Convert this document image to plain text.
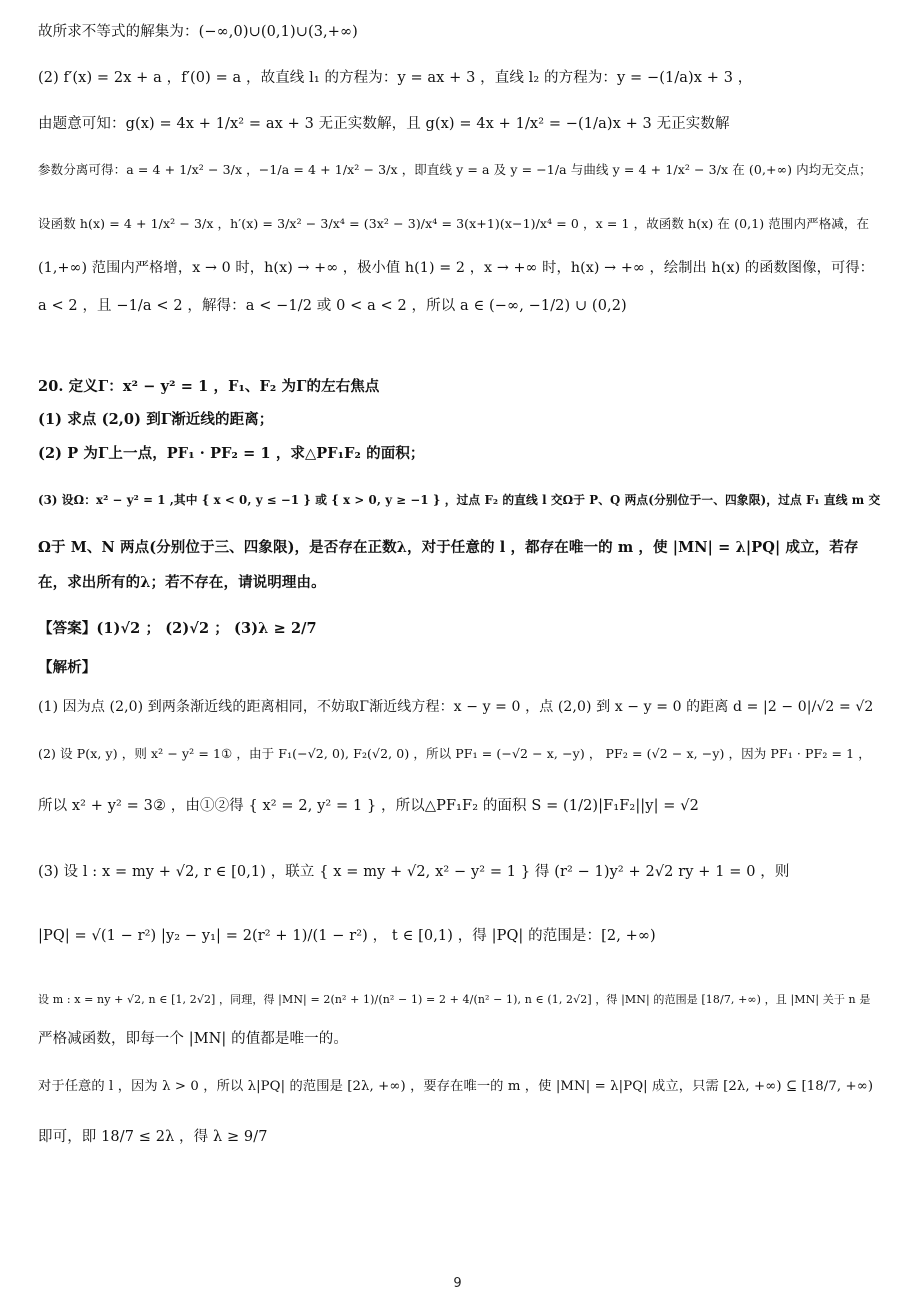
故所求不等式的解集为：(−∞,0)∪(0,1)∪(3,+∞)
(2) f′(x) = 2x + a ，f′(0) = a ，故直线 l₁ 的方程为：y = ax + 3 ，直线 l₂ 的方程为：y = −(1/a)x + 3 ，
由题意可知：g(x) = 4x + 1/x² = ax + 3 无正实数解，且 g(x) = 4x + 1/x² = −(1/a)x + 3 无正实数解
参数分离可得：a = 4 + 1/x² − 3/x ，−1/a = 4 + 1/x² − 3/x ，即直线 y = a 及 y = −1/a 与曲线 y = 4 + 1/x² − 3/x 在 (0,+∞) 内均无交点；
设函数 h(x) = 4 + 1/x² − 3/x ，h′(x) = 3/x² − 3/x⁴ = (3x² − 3)/x⁴ = 3(x+1)(x−1)/x⁴ = 0 ，x = 1 ，故函数 h(x) 在 (0,1) 范围内严格减，在
(1,+∞) 范围内严格增，x → 0 时，h(x) → +∞ ，极小值 h(1) = 2 ，x → +∞ 时，h(x) → +∞ ，绘制出 h(x) 的函数图像，可得：
a < 2 ，且 −1/a < 2 ，解得：a < −1/2 或 0 < a < 2 ，所以 a ∈ (−∞, −1/2) ∪ (0,2)
20. 定义Γ：x² − y² = 1 ，F₁、F₂ 为Γ的左右焦点
(1) 求点 (2,0) 到Γ渐近线的距离；
(2) P 为Γ上一点，PF₁ · PF₂ = 1 ，求△PF₁F₂ 的面积；
(3) 设Ω：x² − y² = 1 ,其中 { x < 0, y ≤ −1 } 或 { x > 0, y ≥ −1 } ，过点 F₂ 的直线 l 交Ω于 P、Q 两点(分别位于一、四象限)，过点 F₁ 直线 m 交
Ω于 M、N 两点(分别位于三、四象限)，是否存在正数λ，对于任意的 l ，都存在唯一的 m ，使 |MN| = λ|PQ| 成立，若存
在，求出所有的λ；若不存在，请说明理由。
【答案】(1)√2 ； (2)√2 ； (3)λ ≥ 2/7
【解析】
(1) 因为点 (2,0) 到两条渐近线的距离相同，不妨取Γ渐近线方程：x − y = 0 ，点 (2,0) 到 x − y = 0 的距离 d = |2 − 0|/√2 = √2
(2) 设 P(x, y) ，则 x² − y² = 1① ，由于 F₁(−√2, 0), F₂(√2, 0) ，所以 PF₁ = (−√2 − x, −y) ， PF₂ = (√2 − x, −y) ，因为 PF₁ · PF₂ = 1 ，
所以 x² + y² = 3② ，由①②得 { x² = 2, y² = 1 } ，所以△PF₁F₂ 的面积 S = (1/2)|F₁F₂||y| = √2
(3) 设 l : x = my + √2, r ∈ [0,1) ，联立 { x = my + √2, x² − y² = 1 } 得 (r² − 1)y² + 2√2 ry + 1 = 0 ，则
|PQ| = √(1 − r²) |y₂ − y₁| = 2(r² + 1)/(1 − r²) ， t ∈ [0,1) ，得 |PQ| 的范围是：[2, +∞)
设 m : x = ny + √2, n ∈ [1, 2√2] ，同理，得 |MN| = 2(n² + 1)/(n² − 1) = 2 + 4/(n² − 1), n ∈ (1, 2√2] ，得 |MN| 的范围是 [18/7, +∞) ，且 |MN| 关于 n 是
严格减函数，即每一个 |MN| 的值都是唯一的。
对于任意的 l ，因为 λ > 0 ，所以 λ|PQ| 的范围是 [2λ, +∞) ，要存在唯一的 m ，使 |MN| = λ|PQ| 成立，只需 [2λ, +∞) ⊆ [18/7, +∞)
即可，即 18/7 ≤ 2λ ，得 λ ≥ 9/7
9
